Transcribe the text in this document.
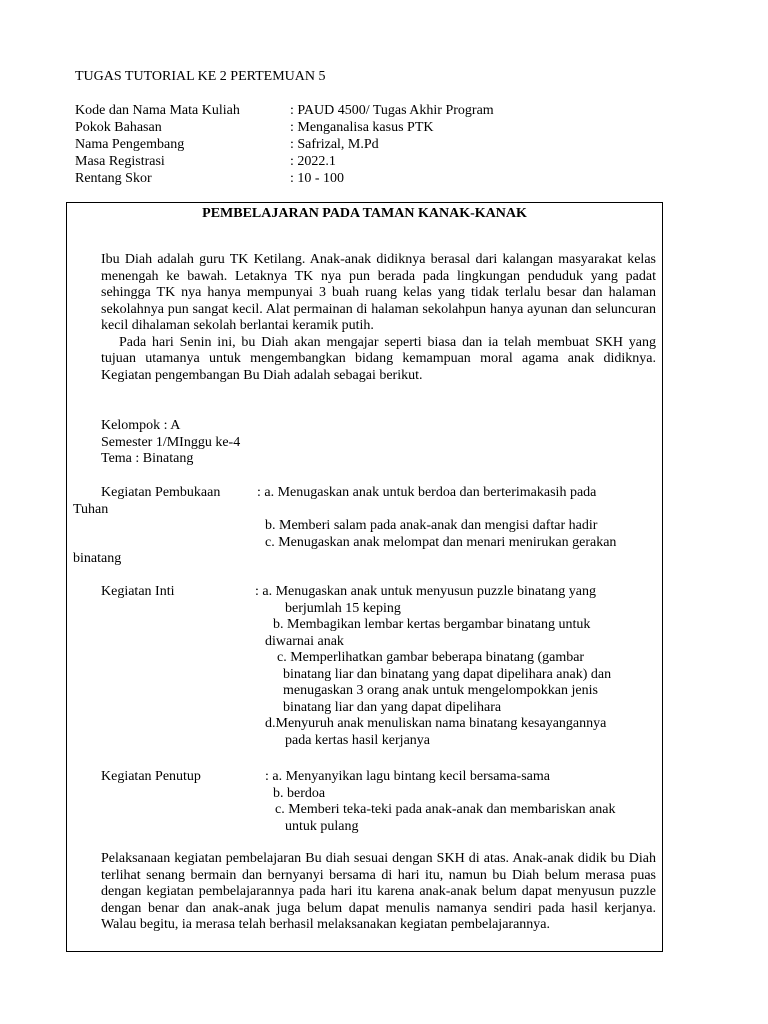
TUGAS TUTORIAL KE 2 PERTEMUAN 5
Kode dan Nama Mata Kuliah	: PAUD 4500/ Tugas Akhir Program
Pokok Bahasan	: Menganalisa kasus PTK
Nama Pengembang	: Safrizal, M.Pd
Masa Registrasi	: 2022.1
Rentang Skor	: 10 - 100
PEMBELAJARAN PADA TAMAN KANAK-KANAK

Ibu Diah adalah guru TK Ketilang. Anak-anak didiknya berasal dari kalangan masyarakat kelas menengah ke bawah. Letaknya TK nya pun berada pada lingkungan penduduk yang padat sehingga TK nya hanya mempunyai 3 buah ruang kelas yang tidak terlalu besar dan halaman sekolahnya pun sangat kecil. Alat permainan di halaman sekolahpun hanya ayunan dan seluncuran kecil dihalaman sekolah berlantai keramik putih.

Pada hari Senin ini, bu Diah akan mengajar seperti biasa dan ia telah membuat SKH yang tujuan utamanya untuk mengembangkan bidang kemampuan moral agama anak didiknya. Kegiatan pengembangan Bu Diah adalah sebagai berikut.

Kelompok : A
Semester 1/MInggu ke-4
Tema : Binatang
Kegiatan Pembukaan	: a. Menugaskan anak untuk berdoa dan berterimakasih pada
Tuhan
b. Memberi salam pada anak-anak dan mengisi daftar hadir
c. Menugaskan anak melompat dan menari menirukan gerakan
binatang
Kegiatan Inti	: a. Menugaskan anak untuk menyusun puzzle binatang yang
berjumlah 15 keping
b. Membagikan lembar kertas bergambar binatang untuk
diwarnai anak
c. Memperlihatkan gambar beberapa binatang (gambar
binatang liar dan binatang yang dapat dipelihara anak) dan
menugaskan 3 orang anak untuk mengelompokkan jenis
binatang liar dan yang dapat dipelihara
d.Menyuruh anak menuliskan nama binatang kesayangannya
pada kertas hasil kerjanya
Kegiatan Penutup	: a. Menyanyikan lagu bintang kecil bersama-sama
b. berdoa
c. Memberi teka-teki pada anak-anak dan membariskan anak
untuk pulang

Pelaksanaan kegiatan pembelajaran Bu diah sesuai dengan SKH di atas. Anak-anak didik bu Diah terlihat senang bermain dan bernyanyi bersama di hari itu, namun bu Diah belum merasa puas dengan kegiatan pembelajarannya pada hari itu karena anak-anak belum dapat menyusun puzzle dengan benar dan anak-anak juga belum dapat menulis namanya sendiri pada hasil kerjanya. Walau begitu, ia merasa telah berhasil melaksanakan kegiatan pembelajarannya.
